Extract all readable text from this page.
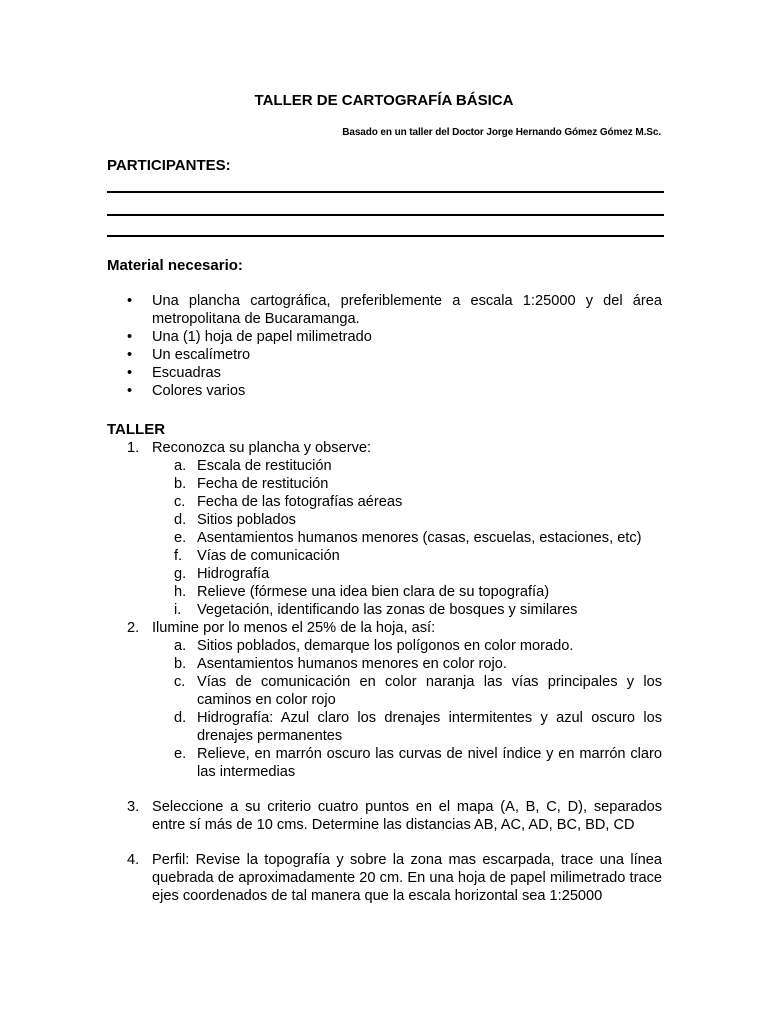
TALLER DE CARTOGRAFÍA BÁSICA
Basado en un taller del Doctor Jorge Hernando Gómez Gómez M.Sc.
PARTICIPANTES:
Material necesario:
• Una plancha cartográfica, preferiblemente a escala 1:25000 y del área metropolitana de Bucaramanga.
• Una (1) hoja de papel milimetrado
• Un escalímetro
• Escuadras
• Colores varios
TALLER
1. Reconozca su plancha y observe:
a. Escala de restitución
b. Fecha de restitución
c. Fecha de las fotografías aéreas
d. Sitios poblados
e. Asentamientos humanos menores (casas, escuelas, estaciones, etc)
f. Vías de comunicación
g. Hidrografía
h. Relieve (fórmese una idea bien clara de su topografía)
i. Vegetación, identificando las zonas de bosques y similares
2. Ilumine por lo menos el 25% de la hoja, así:
a. Sitios poblados, demarque los polígonos en color morado.
b. Asentamientos humanos menores en color rojo.
c. Vías de comunicación en color naranja las vías principales y los caminos en color rojo
d. Hidrografía: Azul claro los drenajes intermitentes y azul oscuro los drenajes permanentes
e. Relieve, en marrón oscuro las curvas de nivel índice y en marrón claro las intermedias
3. Seleccione a su criterio cuatro puntos en el mapa (A, B, C, D), separados entre sí más de 10 cms. Determine las distancias AB, AC, AD, BC, BD, CD
4. Perfil: Revise la topografía y sobre la zona mas escarpada, trace una línea quebrada de aproximadamente 20 cm. En una hoja de papel milimetrado trace ejes coordenados de tal manera que la escala horizontal sea 1:25000
